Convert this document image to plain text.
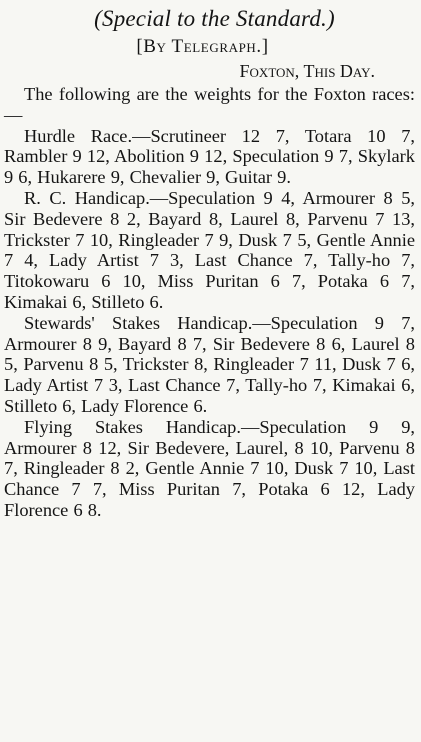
(Special to the Standard.)
[By Telegraph.]
Foxton, This Day.

The following are the weights for the Foxton races:—

Hurdle Race.—Scrutineer 12 7, Totara 10 7, Rambler 9 12, Abolition 9 12, Speculation 9 7, Skylark 9 6, Hukarere 9, Chevalier 9, Guitar 9.

R. C. Handicap.—Speculation 9 4, Armourer 8 5, Sir Bedevere 8 2, Bayard 8, Laurel 8, Parvenu 7 13, Trickster 7 10, Ringleader 7 9, Dusk 7 5, Gentle Annie 7 4, Lady Artist 7 3, Last Chance 7, Tally-ho 7, Titokowaru 6 10, Miss Puritan 6 7, Potaka 6 7, Kimakai 6, Stilleto 6.

Stewards' Stakes Handicap.—Speculation 9 7, Armourer 8 9, Bayard 8 7, Sir Bedevere 8 6, Laurel 8 5, Parvenu 8 5, Trickster 8, Ringleader 7 11, Dusk 7 6, Lady Artist 7 3, Last Chance 7, Tally-ho 7, Kimakai 6, Stilleto 6, Lady Florence 6.

Flying Stakes Handicap.—Speculation 9 9, Armourer 8 12, Sir Bedevere, Laurel, 8 10, Parvenu 8 7, Ringleader 8 2, Gentle Annie 7 10, Dusk 7 10, Last Chance 7 7, Miss Puritan 7, Potaka 6 12, Lady Florence 6 8.
